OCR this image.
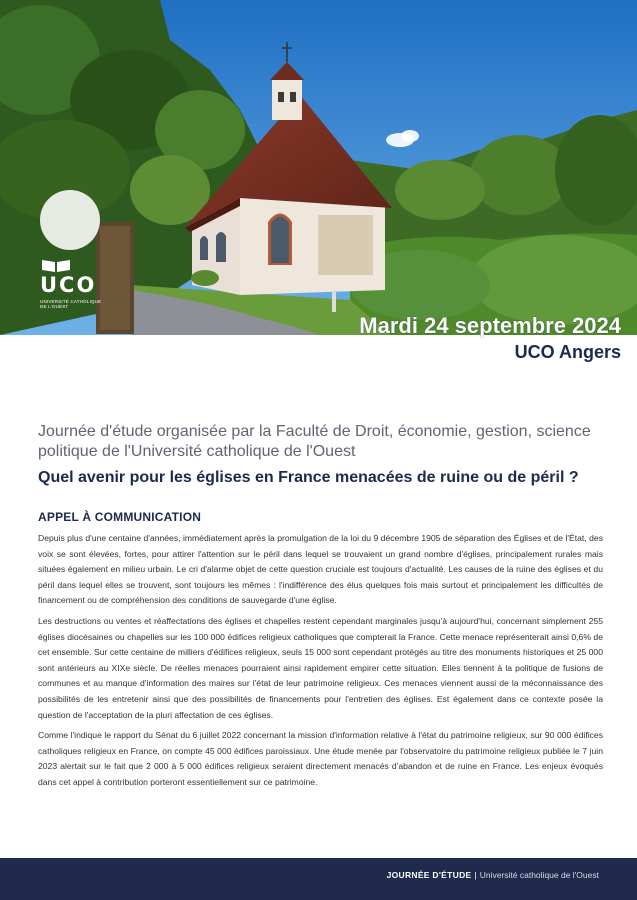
UCO
UNIVERSITÉ CATHOLIQUE DE L'OUEST
Mardi 24 septembre 2024
UCO Angers
Journée d'étude organisée par la Faculté de Droit, économie, gestion, science politique de l'Université catholique de l'Ouest
Quel avenir pour les églises en France menacées de ruine ou de péril ?
APPEL À COMMUNICATION

Depuis plus d'une centaine d'années, immédiatement après la promulgation de la loi du 9 décembre 1905 de séparation des Églises et de l'État, des voix se sont élevées, fortes, pour attirer l'attention sur le péril dans lequel se trouvaient un grand nombre d'églises, principalement rurales mais situées également en milieu urbain. Le cri d'alarme objet de cette question cruciale est toujours d'actualité. Les causes de la ruine des églises et du péril dans lequel elles se trouvent, sont toujours les mêmes : l'indifférence des élus quelques fois mais surtout et principalement les difficultés de financement ou de compréhension des conditions de sauvegarde d'une église.

Les destructions ou ventes et réaffectations des églises et chapelles restent cependant marginales jusqu'à aujourd'hui, concernant simplement 255 églises diocésaines ou chapelles sur les 100 000 édifices religieux catholiques que compterait la France. Cette menace représenterait ainsi 0,6% de cet ensemble. Sur cette centaine de milliers d'édifices religieux, seuls 15 000 sont cependant protégés au titre des monuments historiques et 25 000 sont antérieurs au XIXe siècle. De réelles menaces pourraient ainsi rapidement empirer cette situation. Elles tiennent à la politique de fusions de communes et au manque d'information des maires sur l'état de leur patrimoine religieux. Ces menaces viennent aussi de la méconnaissance des possibilités de les entretenir ainsi que des possibilités de financements pour l'entretien des églises. Est également dans ce contexte posée la question de l'acceptation de la pluri affectation de ces églises.

Comme l'indique le rapport du Sénat du 6 juillet 2022 concernant la mission d'information relative à l'état du patrimoine religieux, sur 90 000 édifices catholiques religieux en France, on compte 45 000 édifices paroissiaux. Une étude menée par l'observatoire du patrimoine religieux publiée le 7 juin 2023 alertait sur le fait que 2 000 à 5 000 édifices religieux seraient directement menacés d'abandon et de ruine en France. Les enjeux évoqués dans cet appel à contribution porteront essentiellement sur ce patrimoine.

JOURNÉE D'ÉTUDE | Université catholique de l'Ouest
